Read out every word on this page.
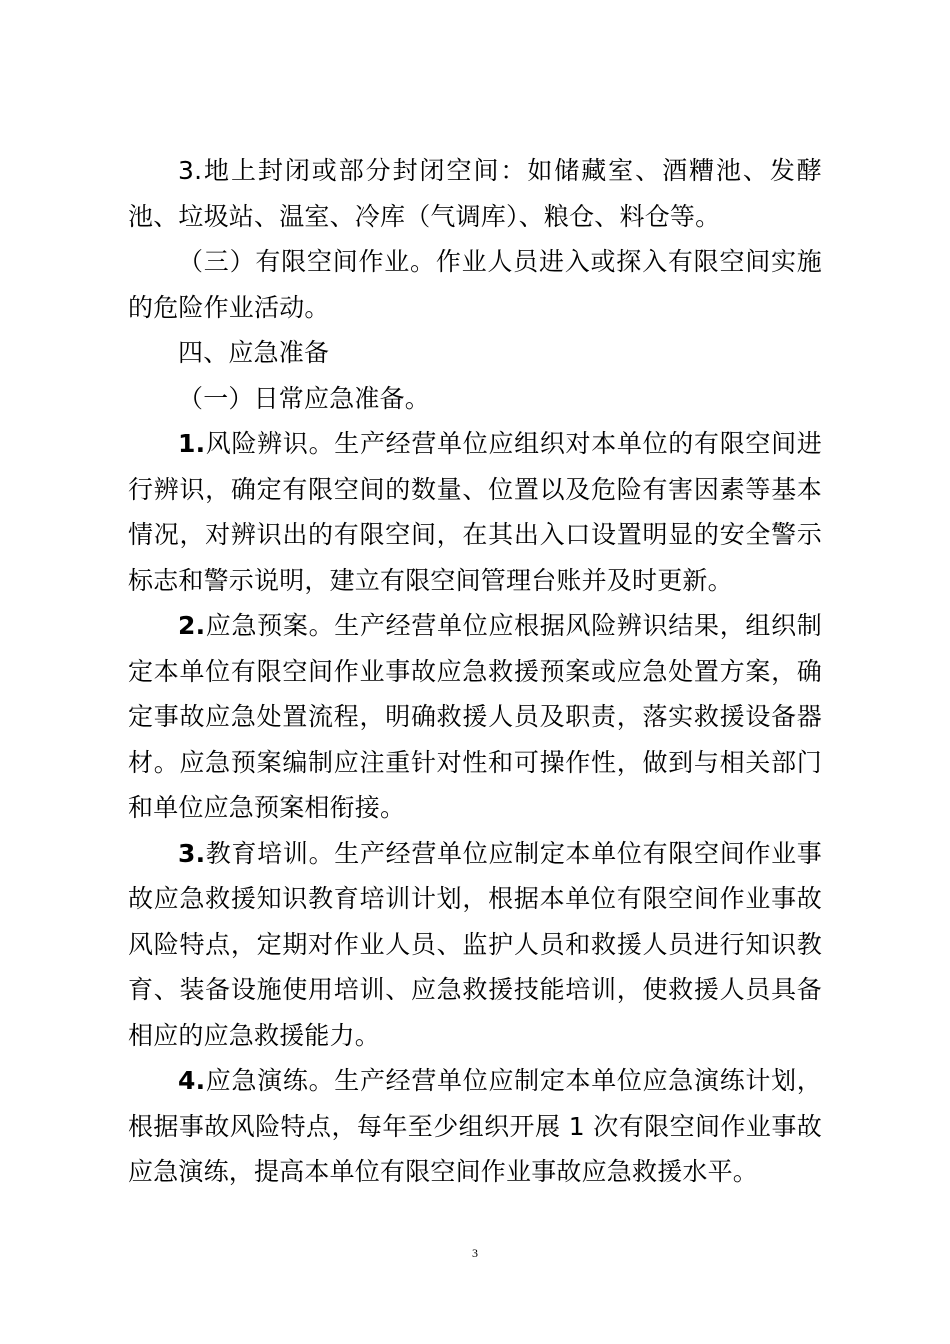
3.地上封闭或部分封闭空间：如储藏室、酒糟池、发酵池、垃圾站、温室、冷库（气调库）、粮仓、料仓等。

（三）有限空间作业。作业人员进入或探入有限空间实施的危险作业活动。

四、应急准备

（一）日常应急准备。

1.风险辨识。生产经营单位应组织对本单位的有限空间进行辨识，确定有限空间的数量、位置以及危险有害因素等基本情况，对辨识出的有限空间，在其出入口设置明显的安全警示标志和警示说明，建立有限空间管理台账并及时更新。

2.应急预案。生产经营单位应根据风险辨识结果，组织制定本单位有限空间作业事故应急救援预案或应急处置方案，确定事故应急处置流程，明确救援人员及职责，落实救援设备器材。应急预案编制应注重针对性和可操作性，做到与相关部门和单位应急预案相衔接。

3.教育培训。生产经营单位应制定本单位有限空间作业事故应急救援知识教育培训计划，根据本单位有限空间作业事故风险特点，定期对作业人员、监护人员和救援人员进行知识教育、装备设施使用培训、应急救援技能培训，使救援人员具备相应的应急救援能力。

4.应急演练。生产经营单位应制定本单位应急演练计划，根据事故风险特点，每年至少组织开展 1 次有限空间作业事故应急演练，提高本单位有限空间作业事故应急救援水平。

3
